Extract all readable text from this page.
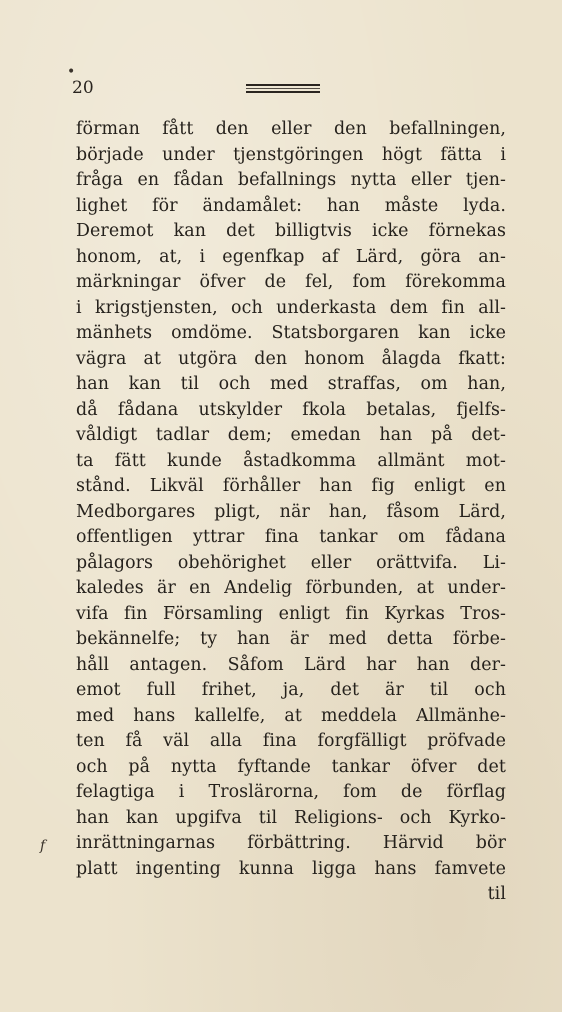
•
20
f
förman fått den eller den befallningen,
började under tjenstgöringen högt fätta i
fråga en fådan befallnings nytta eller tjen-
lighet för ändamålet: han måste lyda.
Deremot kan det billigtvis icke förnekas
honom, at, i egenfkap af Lärd, göra an-
märkningar öfver de fel, fom förekomma
i krigstjensten, och underkasta dem fin all-
mänhets omdöme. Statsborgaren kan icke
vägra at utgöra den honom ålagda fkatt:
han kan til och med straffas, om han,
då fådana utskylder fkola betalas, fjelfs-
våldigt tadlar dem; emedan han på det-
ta fätt kunde åstadkomma allmänt mot-
stånd. Likväl förhåller han fig enligt en
Medborgares pligt, när han, fåsom Lärd,
offentligen yttrar fina tankar om fådana
pålagors obehörighet eller orättvifa. Li-
kaledes är en Andelig förbunden, at under-
vifa fin Församling enligt fin Kyrkas Tros-
bekännelfe; ty han är med detta förbe-
håll antagen. Såfom Lärd har han der-
emot full frihet, ja, det är til och
med hans kallelfe, at meddela Allmänhe-
ten få väl alla fina forgfälligt pröfvade
och på nytta fyftande tankar öfver det
felagtiga i Troslärorna, fom de förflag
han kan upgifva til Religions- och Kyrko-
inrättningarnas förbättring. Härvid bör
platt ingenting kunna ligga hans famvete
til
